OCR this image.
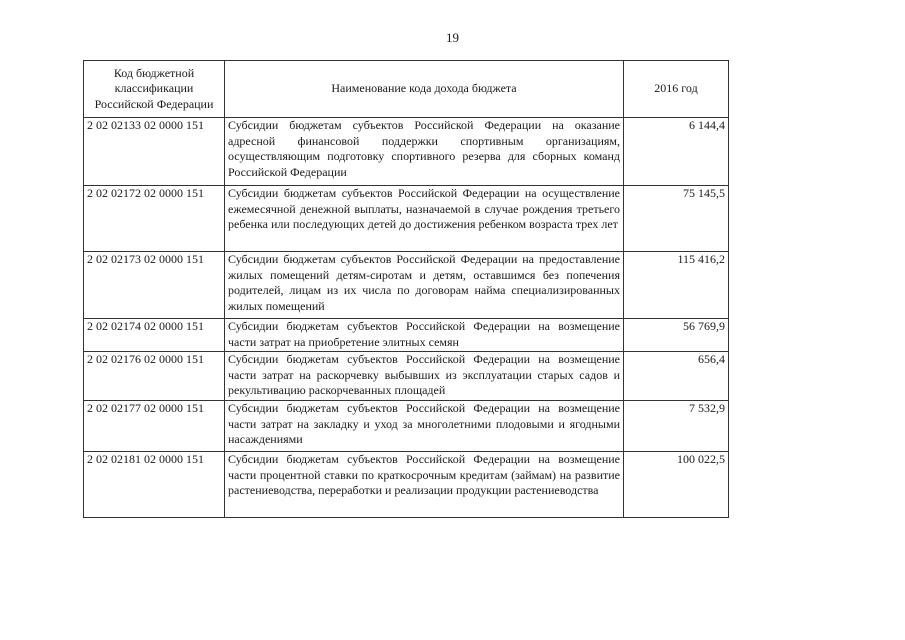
19
Код бюджетной классификации Российской Федерации	Наименование кода дохода бюджета	2016 год
2 02 02133 02 0000 151	Субсидии бюджетам субъектов Российской Федерации на оказание адресной финансовой поддержки спортивным организациям, осуществляющим подготовку спортивного резерва для сборных команд Российской Федерации	6 144,4
2 02 02172 02 0000 151	Субсидии бюджетам субъектов Российской Федерации на осуществление ежемесячной денежной выплаты, назначаемой в случае рождения третьего ребенка или последующих детей до достижения ребенком возраста трех лет	75 145,5
2 02 02173 02 0000 151	Субсидии бюджетам субъектов Российской Федерации на предоставление жилых помещений детям-сиротам и детям, оставшимся без попечения родителей, лицам из их числа по договорам найма специализированных жилых помещений	115 416,2
2 02 02174 02 0000 151	Субсидии бюджетам субъектов Российской Федерации на возмещение части затрат на приобретение элитных семян	56 769,9
2 02 02176 02 0000 151	Субсидии бюджетам субъектов Российской Федерации на возмещение части затрат на раскорчевку выбывших из эксплуатации старых садов и рекультивацию раскорчеванных площадей	656,4
2 02 02177 02 0000 151	Субсидии бюджетам субъектов Российской Федерации на возмещение части затрат на закладку и уход за многолетними плодовыми и ягодными насаждениями	7 532,9
2 02 02181 02 0000 151	Субсидии бюджетам субъектов Российской Федерации на возмещение части процентной ставки по краткосрочным кредитам (займам) на развитие растениеводства, переработки и реализации продукции растениеводства	100 022,5
